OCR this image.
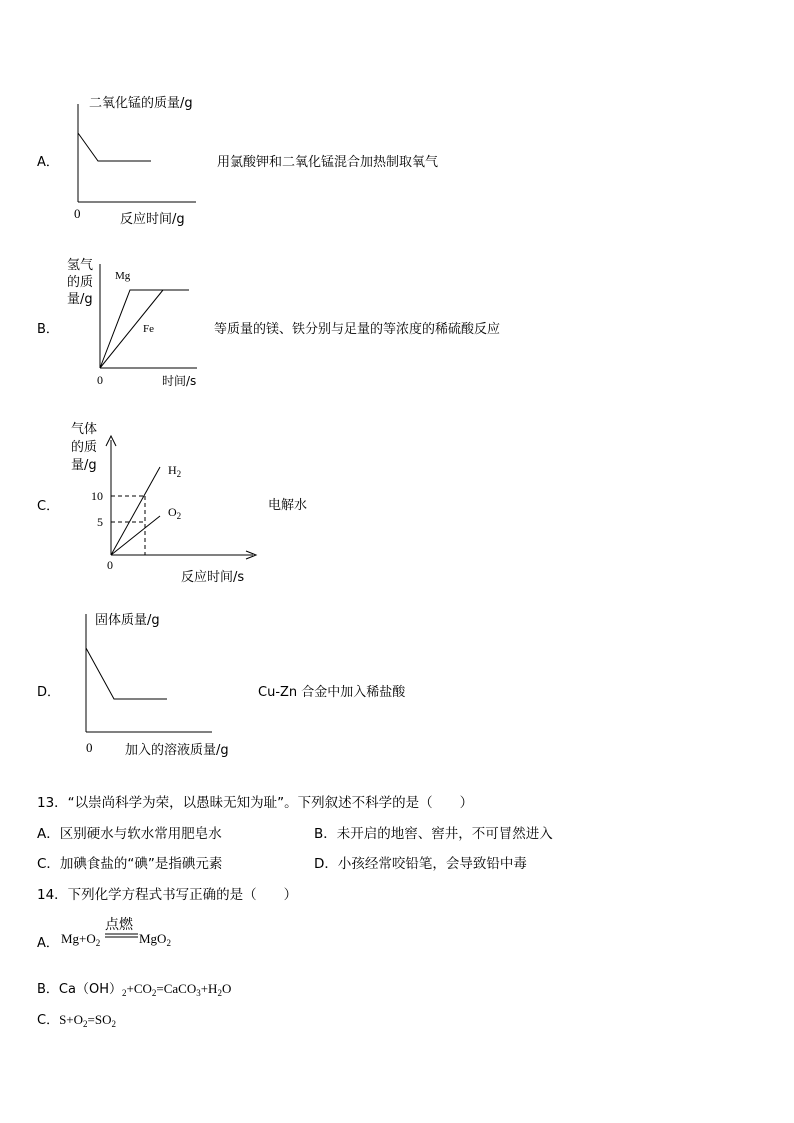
二氧化锰的质量/g
A．
0	反应时间/g
用氯酸钾和二氧化锰混合加热制取氧气
氢气
的质
量/g
B．
Mg
Fe
0	时间/s
等质量的镁、铁分别与足量的等浓度的稀硫酸反应
气体
的质
量/g
C．
10
5
$H_2$
$O_2$
0
反应时间/s
电解水
固体质量/g
D．
0	加入的溶液质量/g
Cu-Zn 合金中加入稀盐酸
13．“以崇尚科学为荣，以愚昧无知为耻”。下列叙述不科学的是（　　）
A．区别硬水与软水常用肥皂水	B．未开启的地窖、窖井，不可冒然进入
C．加碘食盐的“碘”是指碘元素	D．小孩经常咬铅笔，会导致铅中毒
14．下列化学方程式书写正确的是（　　）
A． $Mg+O_2$
点燃
MgO$_2$
B．$Ca(OH)_2+CO_2=CaCO_3+H_2O$
C．$S+O_2=SO_2$
